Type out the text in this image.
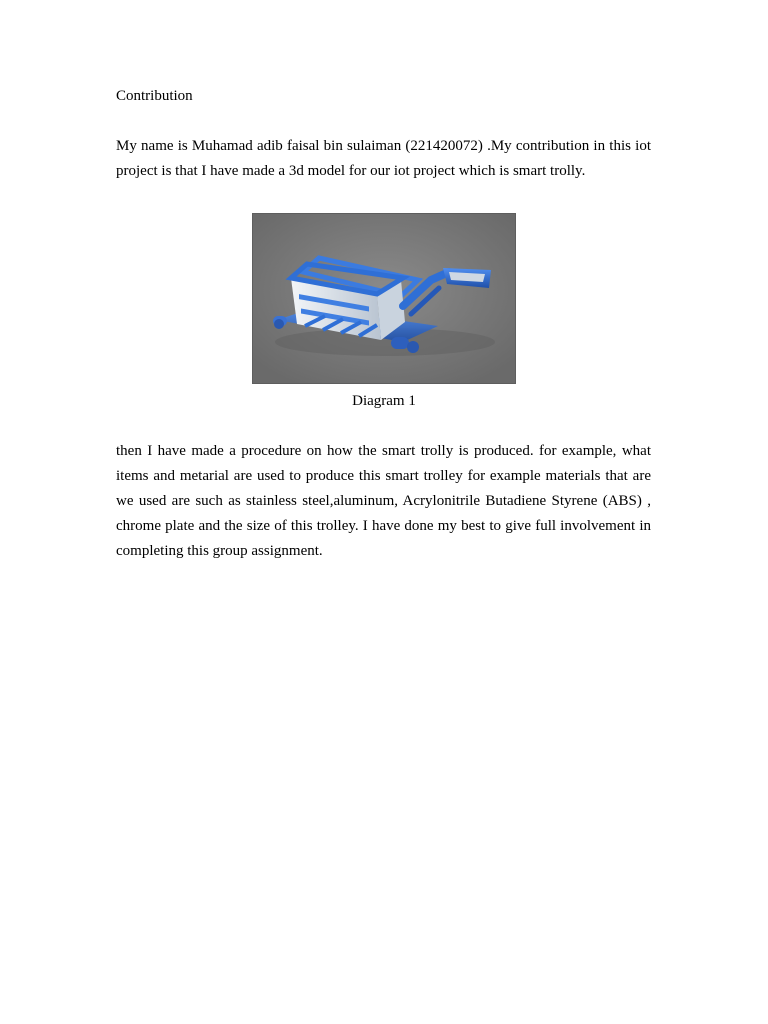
Contribution
My name is Muhamad adib faisal bin sulaiman (221420072) .My contribution in this iot project is that I have made a 3d model for our iot project which is smart trolly.
Diagram 1
then I have made a procedure on how the smart trolly is produced. for example, what items and metarial are used to produce this smart trolley for example materials that are we used are such as stainless steel,aluminum, Acrylonitrile Butadiene Styrene (ABS) , chrome plate and the size of this trolley. I have done my best to give full involvement in completing this group assignment.
